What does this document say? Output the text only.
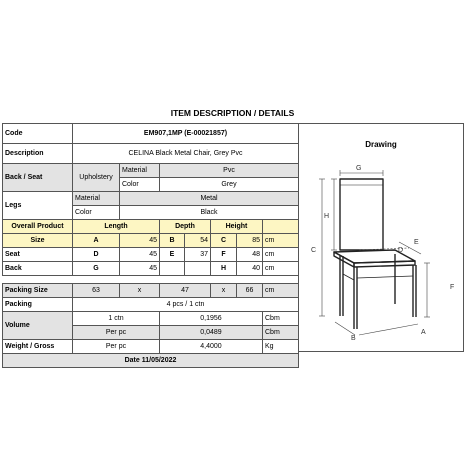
ITEM DESCRIPTION / DETAILS
Code	EM907,1MP (E-00021857)						
Description	CELINA Black Metal Chair, Grey Pvc						
Back / Seat	Upholstery	Material	Pvc				
		Color	Grey				
Legs	Material	Metal					
	Color	Black					
Overall Product	Length		Depth		Height		
Size	A	45	B	54	C	85	cm
Seat	D	45	E	37	F	48	cm
Back	G	45			H	40	cm

Packing Size	63	x	47		x	66	cm
Packing	4 pcs / 1 ctn						
Volume	1 ctn		0,1956				Cbm
	Per pc		0,0489				Cbm
Weight / Gross	Per pc		4,4000				Kg
Date 11/05/2022							
Drawing
G
H
C	D
E
F
B
A
